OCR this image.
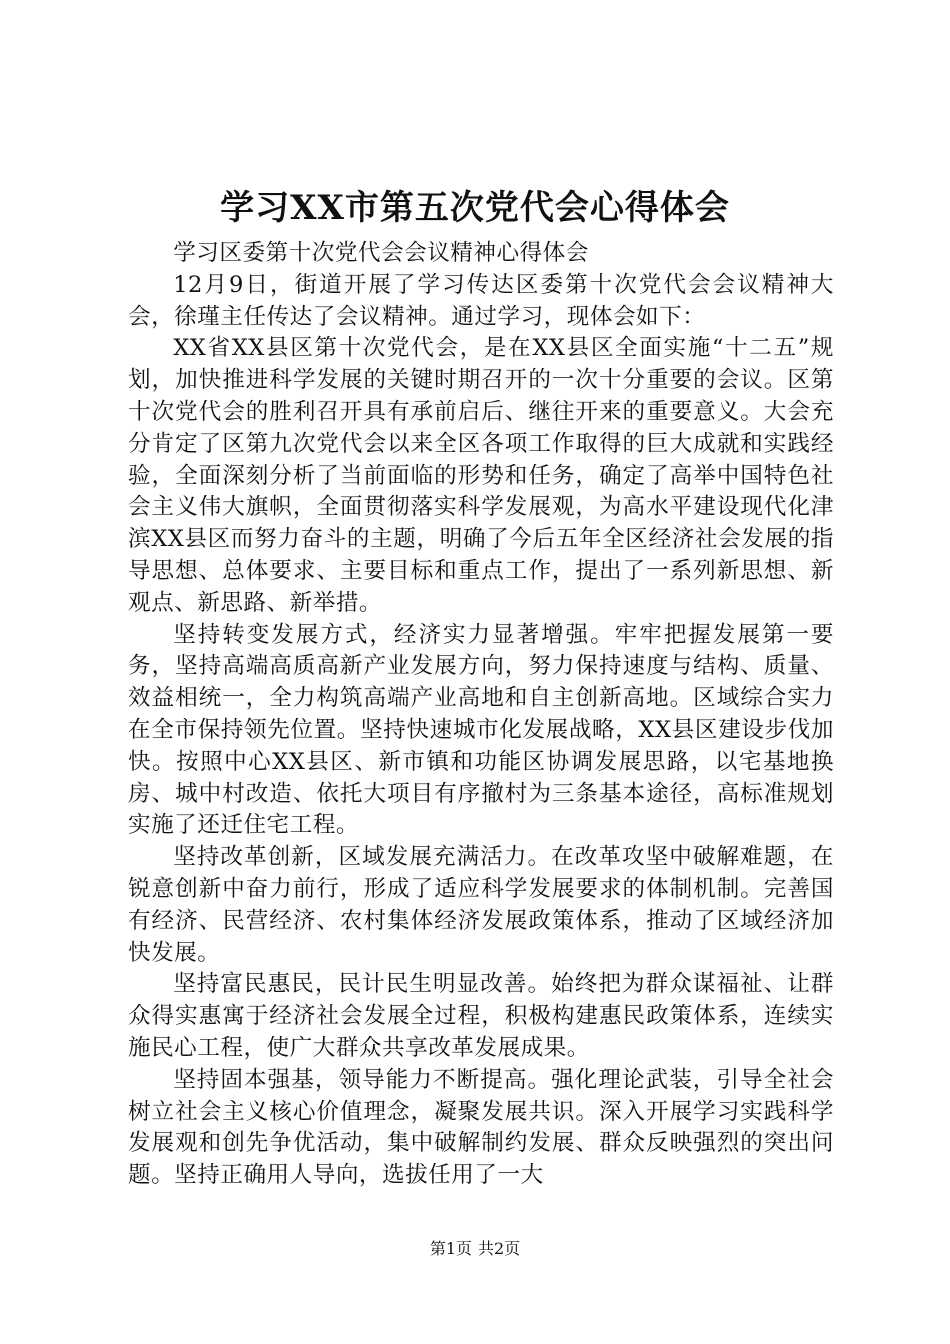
学习XX市第五次党代会心得体会

学习区委第十次党代会会议精神心得体会

12月9日，街道开展了学习传达区委第十次党代会会议精神大会，徐瑾主任传达了会议精神。通过学习，现体会如下：

XX省XX县区第十次党代会，是在XX县区全面实施“十二五”规划，加快推进科学发展的关键时期召开的一次十分重要的会议。区第十次党代会的胜利召开具有承前启后、继往开来的重要意义。大会充分肯定了区第九次党代会以来全区各项工作取得的巨大成就和实践经验，全面深刻分析了当前面临的形势和任务，确定了高举中国特色社会主义伟大旗帜，全面贯彻落实科学发展观，为高水平建设现代化津滨XX县区而努力奋斗的主题，明确了今后五年全区经济社会发展的指导思想、总体要求、主要目标和重点工作，提出了一系列新思想、新观点、新思路、新举措。

坚持转变发展方式，经济实力显著增强。牢牢把握发展第一要务，坚持高端高质高新产业发展方向，努力保持速度与结构、质量、效益相统一，全力构筑高端产业高地和自主创新高地。区域综合实力在全市保持领先位置。坚持快速城市化发展战略，XX县区建设步伐加快。按照中心XX县区、新市镇和功能区协调发展思路，以宅基地换房、城中村改造、依托大项目有序撤村为三条基本途径，高标准规划实施了还迁住宅工程。

坚持改革创新，区域发展充满活力。在改革攻坚中破解难题，在锐意创新中奋力前行，形成了适应科学发展要求的体制机制。完善国有经济、民营经济、农村集体经济发展政策体系，推动了区域经济加快发展。

坚持富民惠民，民计民生明显改善。始终把为群众谋福祉、让群众得实惠寓于经济社会发展全过程，积极构建惠民政策体系，连续实施民心工程，使广大群众共享改革发展成果。

坚持固本强基，领导能力不断提高。强化理论武装，引导全社会树立社会主义核心价值理念，凝聚发展共识。深入开展学习实践科学发展观和创先争优活动，集中破解制约发展、群众反映强烈的突出问题。坚持正确用人导向，选拔任用了一大

第1页 共2页
